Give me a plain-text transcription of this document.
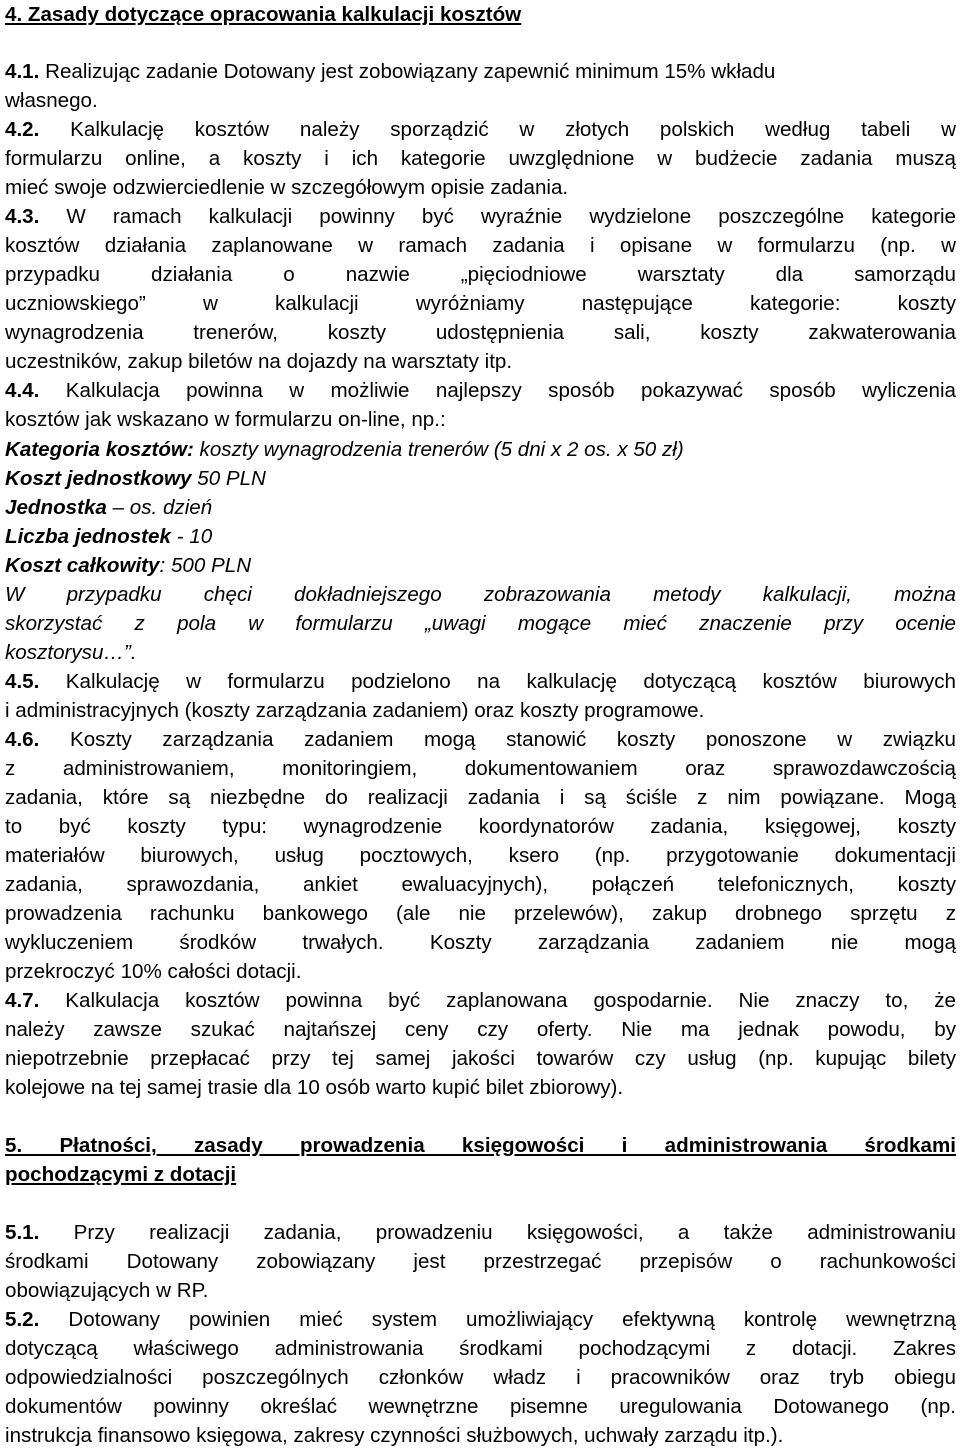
4. Zasady dotyczące opracowania kalkulacji kosztów
4.1. Realizując zadanie Dotowany jest zobowiązany zapewnić minimum 15% wkładu
własnego.
4.2. Kalkulację kosztów należy sporządzić w złotych polskich według tabeli w
formularzu online, a koszty i ich kategorie uwzględnione w budżecie zadania muszą
mieć swoje odzwierciedlenie w szczegółowym opisie zadania.
4.3. W ramach kalkulacji powinny być wyraźnie wydzielone poszczególne kategorie
kosztów działania zaplanowane w ramach zadania i opisane w formularzu (np. w
przypadku działania o nazwie „pięciodniowe warsztaty dla samorządu
uczniowskiego” w kalkulacji wyróżniamy następujące kategorie: koszty
wynagrodzenia trenerów, koszty udostępnienia sali, koszty zakwaterowania
uczestników, zakup biletów na dojazdy na warsztaty itp.
4.4. Kalkulacja powinna w możliwie najlepszy sposób pokazywać sposób wyliczenia
kosztów jak wskazano w formularzu on-line, np.:
Kategoria kosztów: koszty wynagrodzenia trenerów (5 dni x 2 os. x 50 zł)
Koszt jednostkowy 50 PLN
Jednostka – os. dzień
Liczba jednostek - 10
Koszt całkowity: 500 PLN
W przypadku chęci dokładniejszego zobrazowania metody kalkulacji, można
skorzystać z pola w formularzu „uwagi mogące mieć znaczenie przy ocenie
kosztorysu…”.
4.5. Kalkulację w formularzu podzielono na kalkulację dotyczącą kosztów biurowych
i administracyjnych (koszty zarządzania zadaniem) oraz koszty programowe.
4.6. Koszty zarządzania zadaniem mogą stanowić koszty ponoszone w związku
z administrowaniem, monitoringiem, dokumentowaniem oraz sprawozdawczością
zadania, które są niezbędne do realizacji zadania i są ściśle z nim powiązane. Mogą
to być koszty typu: wynagrodzenie koordynatorów zadania, księgowej, koszty
materiałów biurowych, usług pocztowych, ksero (np. przygotowanie dokumentacji
zadania, sprawozdania, ankiet ewaluacyjnych), połączeń telefonicznych, koszty
prowadzenia rachunku bankowego (ale nie przelewów), zakup drobnego sprzętu z
wykluczeniem środków trwałych. Koszty zarządzania zadaniem nie mogą
przekroczyć 10% całości dotacji.
4.7. Kalkulacja kosztów powinna być zaplanowana gospodarnie. Nie znaczy to, że
należy zawsze szukać najtańszej ceny czy oferty. Nie ma jednak powodu, by
niepotrzebnie przepłacać przy tej samej jakości towarów czy usług (np. kupując bilety
kolejowe na tej samej trasie dla 10 osób warto kupić bilet zbiorowy).
5. Płatności, zasady prowadzenia księgowości i administrowania środkami
pochodzącymi z dotacji
5.1. Przy realizacji zadania, prowadzeniu księgowości, a także administrowaniu
środkami Dotowany zobowiązany jest przestrzegać przepisów o rachunkowości
obowiązujących w RP.
5.2. Dotowany powinien mieć system umożliwiający efektywną kontrolę wewnętrzną
dotyczącą właściwego administrowania środkami pochodzącymi z dotacji. Zakres
odpowiedzialności poszczególnych członków władz i pracowników oraz tryb obiegu
dokumentów powinny określać wewnętrzne pisemne uregulowania Dotowanego (np.
instrukcja finansowo księgowa, zakresy czynności służbowych, uchwały zarządu itp.).
